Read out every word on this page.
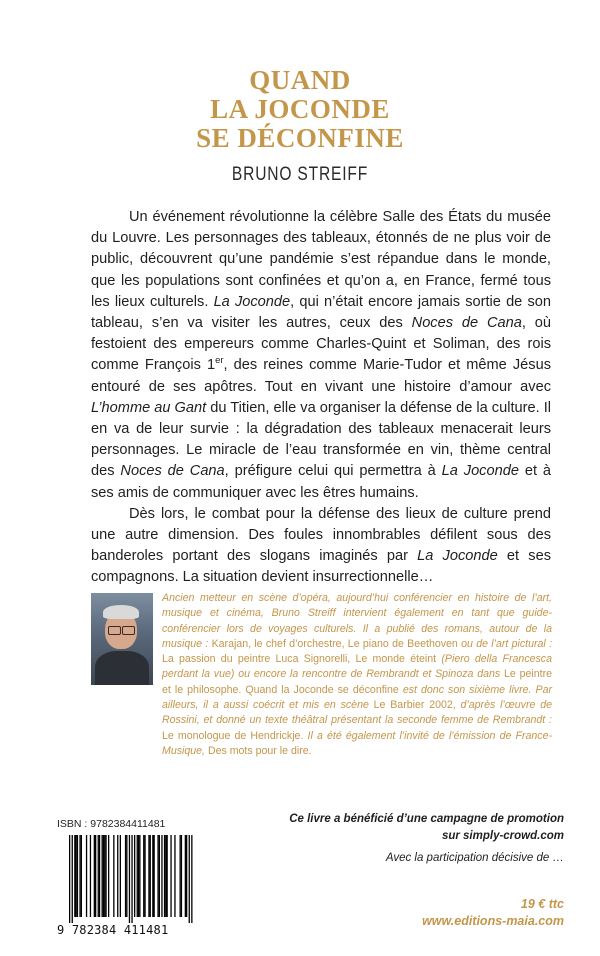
QUAND
LA JOCONDE
SE DÉCONFINE
BRUNO STREIFF

Un événement révolutionne la célèbre Salle des États du musée du Louvre. Les personnages des tableaux, étonnés de ne plus voir de public, découvrent qu’une pandémie s’est répandue dans le monde, que les populations sont confinées et qu’on a, en France, fermé tous les lieux culturels. La Joconde, qui n’était encore jamais sortie de son tableau, s’en va visiter les autres, ceux des Noces de Cana, où festoient des empereurs comme Charles-Quint et Soliman, des rois comme François 1er, des reines comme Marie-Tudor et même Jésus entouré de ses apôtres. Tout en vivant une histoire d’amour avec L’homme au Gant du Titien, elle va organiser la défense de la culture. Il en va de leur survie : la dégradation des tableaux menacerait leurs personnages. Le miracle de l’eau transformée en vin, thème central des Noces de Cana, préfigure celui qui permettra à La Joconde et à ses amis de communiquer avec les êtres humains.

Dès lors, le combat pour la défense des lieux de culture prend une autre dimension. Des foules innombrables défilent sous des banderoles portant des slogans imaginés par La Joconde et ses compagnons. La situation devient insurrectionnelle…

Ancien metteur en scène d’opéra, aujourd’hui conférencier en histoire de l’art, musique et cinéma, Bruno Streiff intervient également en tant que guide-conférencier lors de voyages culturels. Il a publié des romans, autour de la musique : Karajan, le chef d’orchestre, Le piano de Beethoven ou de l’art pictural : La passion du peintre Luca Signorelli, Le monde éteint (Piero della Francesca perdant la vue) ou encore la rencontre de Rembrandt et Spinoza dans Le peintre et le philosophe. Quand la Joconde se déconfine est donc son sixième livre. Par ailleurs, il a aussi coécrit et mis en scène Le Barbier 2002, d’après l’œuvre de Rossini, et donné un texte théâtral présentant la seconde femme de Rembrandt : Le monologue de Hendrickje. Il a été également l’invité de l’émission de France-Musique, Des mots pour le dire.

ISBN : 9782384411481
9 782384 411481
Ce livre a bénéficié d’une campagne de promotion
sur simply-crowd.com
Avec la participation décisive de …
19 € ttc
www.editions-maia.com
